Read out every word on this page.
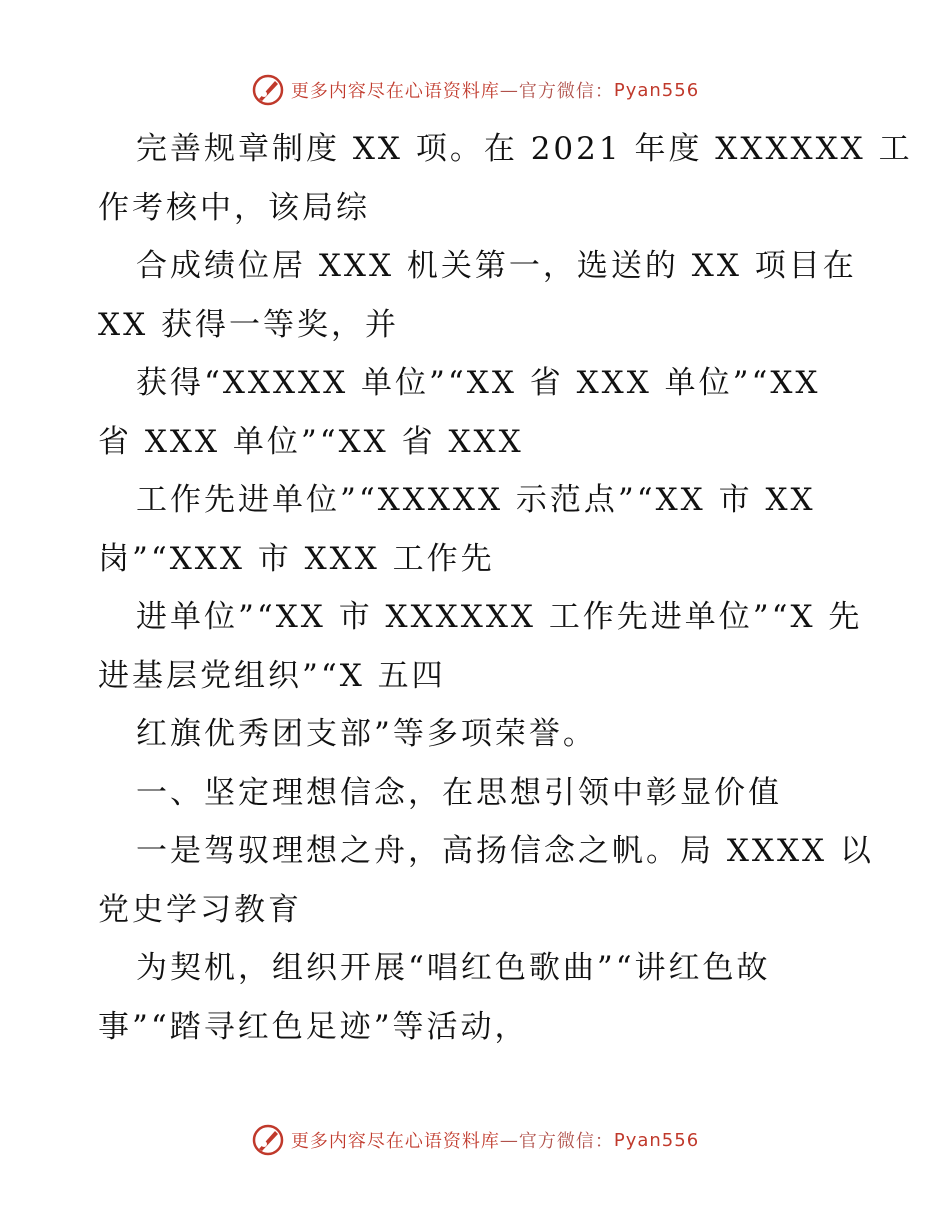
更多内容尽在心语资料库 — 官方微信： Pyan556

完善规章制度 XX 项。在 2021 年度 XXXXXX 工

作考核中，该局综

合成绩位居 XXX 机关第一，选送的 XX 项目在

XX 获得一等奖，并

获得“XXXXX 单位”“XX 省 XXX 单位”“XX

省 XXX 单位”“XX 省 XXX

工作先进单位”“XXXXX 示范点”“XX 市 XX

岗”“XXX 市 XXX 工作先

进单位”“XX 市 XXXXXX 工作先进单位”“X 先

进基层党组织”“X 五四

红旗优秀团支部”等多项荣誉。

一、坚定理想信念，在思想引领中彰显价值

一是驾驭理想之舟，高扬信念之帆。局 XXXX 以

党史学习教育

为契机，组织开展“唱红色歌曲”“讲红色故

事”“踏寻红色足迹”等活动，

更多内容尽在心语资料库 — 官方微信： Pyan556
